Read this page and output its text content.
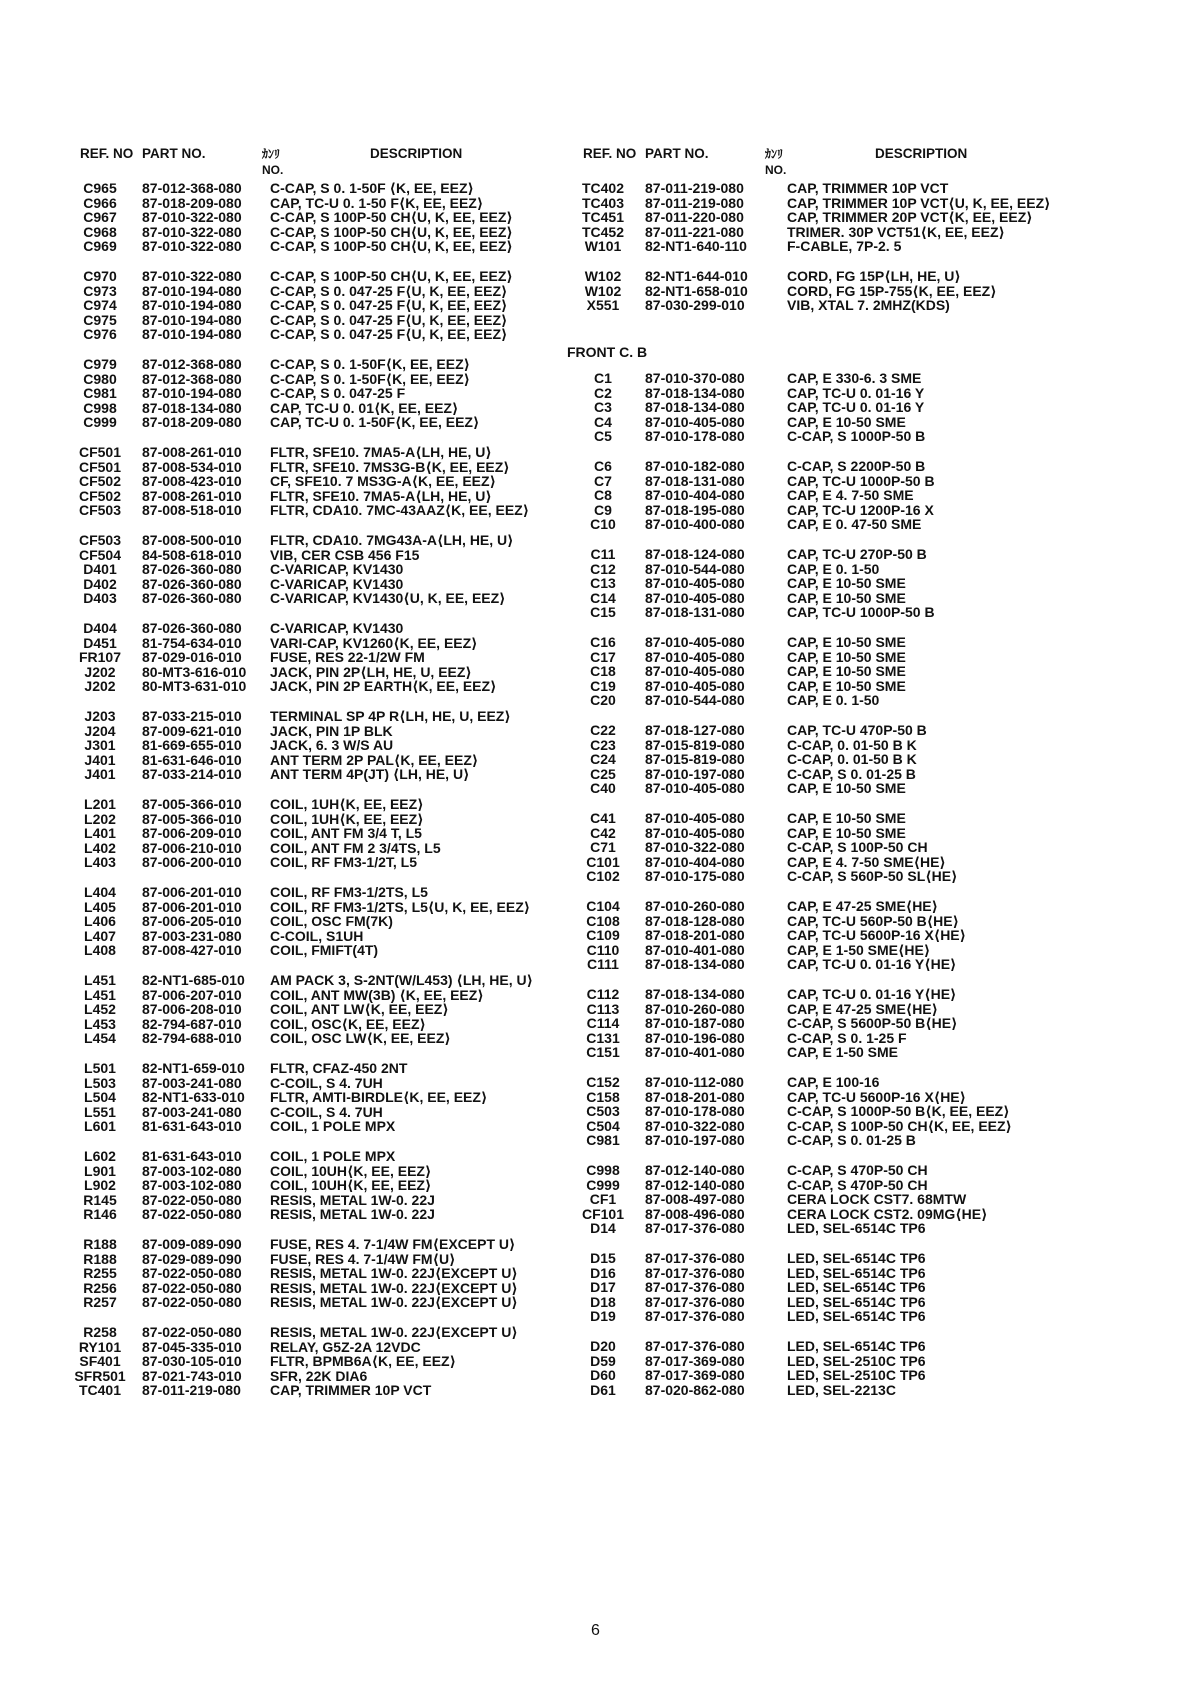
REF. NO PART NO.	ｶﾝﾘ
NO.
DESCRIPTION
C965	87-012-368-080 C-CAP, S 0. 1-50F ⟨K, EE, EEZ⟩
C966	87-018-209-080 CAP, TC-U 0. 1-50 F⟨K, EE, EEZ⟩
C967	87-010-322-080 C-CAP, S 100P-50 CH⟨U, K, EE, EEZ⟩
C968	87-010-322-080 C-CAP, S 100P-50 CH⟨U, K, EE, EEZ⟩
C969	87-010-322-080 C-CAP, S 100P-50 CH⟨U, K, EE, EEZ⟩
C970	87-010-322-080 C-CAP, S 100P-50 CH⟨U, K, EE, EEZ⟩
C973	87-010-194-080 C-CAP, S 0. 047-25 F⟨U, K, EE, EEZ⟩
C974	87-010-194-080 C-CAP, S 0. 047-25 F⟨U, K, EE, EEZ⟩
C975	87-010-194-080 C-CAP, S 0. 047-25 F⟨U, K, EE, EEZ⟩
C976	87-010-194-080 C-CAP, S 0. 047-25 F⟨U, K, EE, EEZ⟩
C979	87-012-368-080 C-CAP, S 0. 1-50F⟨K, EE, EEZ⟩
C980	87-012-368-080 C-CAP, S 0. 1-50F⟨K, EE, EEZ⟩
C981	87-010-194-080 C-CAP, S 0. 047-25 F
C998	87-018-134-080 CAP, TC-U 0. 01⟨K, EE, EEZ⟩
C999	87-018-209-080 CAP, TC-U 0. 1-50F⟨K, EE, EEZ⟩
CF501	87-008-261-010 FLTR, SFE10. 7MA5-A⟨LH, HE, U⟩
CF501	87-008-534-010 FLTR, SFE10. 7MS3G-B⟨K, EE, EEZ⟩
CF502	87-008-423-010 CF, SFE10. 7 MS3G-A⟨K, EE, EEZ⟩
CF502	87-008-261-010 FLTR, SFE10. 7MA5-A⟨LH, HE, U⟩
CF503	87-008-518-010 FLTR, CDA10. 7MC-43AAZ⟨K, EE, EEZ⟩
CF503	87-008-500-010 FLTR, CDA10. 7MG43A-A⟨LH, HE, U⟩
CF504	84-508-618-010 VIB, CER CSB 456 F15
D401	87-026-360-080 C-VARICAP, KV1430
D402	87-026-360-080 C-VARICAP, KV1430
D403	87-026-360-080 C-VARICAP, KV1430⟨U, K, EE, EEZ⟩
D404	87-026-360-080 C-VARICAP, KV1430
D451	81-754-634-010 VARI-CAP, KV1260⟨K, EE, EEZ⟩
FR107	87-029-016-010 FUSE, RES 22-1/2W FM
J202	80-MT3-616-010 JACK, PIN 2P⟨LH, HE, U, EEZ⟩
J202	80-MT3-631-010 JACK, PIN 2P EARTH⟨K, EE, EEZ⟩
J203	87-033-215-010 TERMINAL SP 4P R⟨LH, HE, U, EEZ⟩
J204	87-009-621-010 JACK, PIN 1P BLK
J301	81-669-655-010 JACK, 6. 3 W/S AU
J401	81-631-646-010 ANT TERM 2P PAL⟨K, EE, EEZ⟩
J401	87-033-214-010 ANT TERM 4P(JT) ⟨LH, HE, U⟩
L201	87-005-366-010 COIL, 1UH⟨K, EE, EEZ⟩
L202	87-005-366-010 COIL, 1UH⟨K, EE, EEZ⟩
L401	87-006-209-010 COIL, ANT FM 3/4 T, L5
L402	87-006-210-010 COIL, ANT FM 2 3/4TS, L5
L403	87-006-200-010 COIL, RF FM3-1/2T, L5
L404	87-006-201-010 COIL, RF FM3-1/2TS, L5
L405	87-006-201-010 COIL, RF FM3-1/2TS, L5⟨U, K, EE, EEZ⟩
L406	87-006-205-010 COIL, OSC FM(7K)
L407	87-003-231-080 C-COIL, S1UH
L408	87-008-427-010 COIL, FMIFT(4T)
L451	82-NT1-685-010 AM PACK 3, S-2NT(W/L453) ⟨LH, HE, U⟩
L451	87-006-207-010 COIL, ANT MW(3B) ⟨K, EE, EEZ⟩
L452	87-006-208-010 COIL, ANT LW⟨K, EE, EEZ⟩
L453	82-794-687-010 COIL, OSC⟨K, EE, EEZ⟩
L454	82-794-688-010 COIL, OSC LW⟨K, EE, EEZ⟩
L501	82-NT1-659-010 FLTR, CFAZ-450 2NT
L503	87-003-241-080 C-COIL, S 4. 7UH
L504	82-NT1-633-010 FLTR, AMTI-BIRDLE⟨K, EE, EEZ⟩
L551	87-003-241-080 C-COIL, S 4. 7UH
L601	81-631-643-010 COIL, 1 POLE MPX
L602	81-631-643-010 COIL, 1 POLE MPX
L901	87-003-102-080 COIL, 10UH⟨K, EE, EEZ⟩
L902	87-003-102-080 COIL, 10UH⟨K, EE, EEZ⟩
R145	87-022-050-080 RESIS, METAL 1W-0. 22J
R146	87-022-050-080 RESIS, METAL 1W-0. 22J
R188	87-009-089-090 FUSE, RES 4. 7-1/4W FM⟨EXCEPT U⟩
R188	87-029-089-090 FUSE, RES 4. 7-1/4W FM⟨U⟩
R255	87-022-050-080 RESIS, METAL 1W-0. 22J⟨EXCEPT U⟩
R256	87-022-050-080 RESIS, METAL 1W-0. 22J⟨EXCEPT U⟩
R257	87-022-050-080 RESIS, METAL 1W-0. 22J⟨EXCEPT U⟩
R258	87-022-050-080 RESIS, METAL 1W-0. 22J⟨EXCEPT U⟩
RY101	87-045-335-010 RELAY, G5Z-2A 12VDC
SF401	87-030-105-010 FLTR, BPMB6A⟨K, EE, EEZ⟩
SFR501	87-021-743-010 SFR, 22K DIA6
TC401	87-011-219-080 CAP, TRIMMER 10P VCT
REF. NO PART NO.	ｶﾝﾘ
NO.
DESCRIPTION
FRONT C. B
TC402	87-011-219-080	CAP, TRIMMER 10P VCT
TC403	87-011-219-080	CAP, TRIMMER 10P VCT⟨U, K, EE, EEZ⟩
TC451	87-011-220-080	CAP, TRIMMER 20P VCT⟨K, EE, EEZ⟩
TC452	87-011-221-080	TRIMER. 30P VCT51⟨K, EE, EEZ⟩
W101	82-NT1-640-110	F-CABLE, 7P-2. 5
W102	82-NT1-644-010	CORD, FG 15P⟨LH, HE, U⟩
W102	82-NT1-658-010	CORD, FG 15P-755⟨K, EE, EEZ⟩
X551	87-030-299-010	VIB, XTAL 7. 2MHZ(KDS)
C1	87-010-370-080	CAP, E 330-6. 3 SME
C2	87-018-134-080	CAP, TC-U 0. 01-16 Y
C3	87-018-134-080	CAP, TC-U 0. 01-16 Y
C4	87-010-405-080	CAP, E 10-50 SME
C5	87-010-178-080	C-CAP, S 1000P-50 B
C6	87-010-182-080	C-CAP, S 2200P-50 B
C7	87-018-131-080	CAP, TC-U 1000P-50 B
C8	87-010-404-080	CAP, E 4. 7-50 SME
C9	87-018-195-080	CAP, TC-U 1200P-16 X
C10	87-010-400-080	CAP, E 0. 47-50 SME
C11	87-018-124-080	CAP, TC-U 270P-50 B
C12	87-010-544-080	CAP, E 0. 1-50
C13	87-010-405-080	CAP, E 10-50 SME
C14	87-010-405-080	CAP, E 10-50 SME
C15	87-018-131-080	CAP, TC-U 1000P-50 B
C16	87-010-405-080	CAP, E 10-50 SME
C17	87-010-405-080	CAP, E 10-50 SME
C18	87-010-405-080	CAP, E 10-50 SME
C19	87-010-405-080	CAP, E 10-50 SME
C20	87-010-544-080	CAP, E 0. 1-50
C22	87-018-127-080	CAP, TC-U 470P-50 B
C23	87-015-819-080	C-CAP, 0. 01-50 B K
C24	87-015-819-080	C-CAP, 0. 01-50 B K
C25	87-010-197-080	C-CAP, S 0. 01-25 B
C40	87-010-405-080	CAP, E 10-50 SME
C41	87-010-405-080	CAP, E 10-50 SME
C42	87-010-405-080	CAP, E 10-50 SME
C71	87-010-322-080	C-CAP, S 100P-50 CH
C101	87-010-404-080	CAP, E 4. 7-50 SME⟨HE⟩
C102	87-010-175-080	C-CAP, S 560P-50 SL⟨HE⟩
C104	87-010-260-080	CAP, E 47-25 SME⟨HE⟩
C108	87-018-128-080	CAP, TC-U 560P-50 B⟨HE⟩
C109	87-018-201-080	CAP, TC-U 5600P-16 X⟨HE⟩
C110	87-010-401-080	CAP, E 1-50 SME⟨HE⟩
C111	87-018-134-080	CAP, TC-U 0. 01-16 Y⟨HE⟩
C112	87-018-134-080	CAP, TC-U 0. 01-16 Y⟨HE⟩
C113	87-010-260-080	CAP, E 47-25 SME⟨HE⟩
C114	87-010-187-080	C-CAP, S 5600P-50 B⟨HE⟩
C131	87-010-196-080	C-CAP, S 0. 1-25 F
C151	87-010-401-080	CAP, E 1-50 SME
C152	87-010-112-080	CAP, E 100-16
C158	87-018-201-080	CAP, TC-U 5600P-16 X⟨HE⟩
C503	87-010-178-080	C-CAP, S 1000P-50 B⟨K, EE, EEZ⟩
C504	87-010-322-080	C-CAP, S 100P-50 CH⟨K, EE, EEZ⟩
C981	87-010-197-080	C-CAP, S 0. 01-25 B
C998	87-012-140-080	C-CAP, S 470P-50 CH
C999	87-012-140-080	C-CAP, S 470P-50 CH
CF1	87-008-497-080	CERA LOCK CST7. 68MTW
CF101	87-008-496-080	CERA LOCK CST2. 09MG⟨HE⟩
D14	87-017-376-080	LED, SEL-6514C TP6
D15	87-017-376-080	LED, SEL-6514C TP6
D16	87-017-376-080	LED, SEL-6514C TP6
D17	87-017-376-080	LED, SEL-6514C TP6
D18	87-017-376-080	LED, SEL-6514C TP6
D19	87-017-376-080	LED, SEL-6514C TP6
D20	87-017-376-080	LED, SEL-6514C TP6
D59	87-017-369-080	LED, SEL-2510C TP6
D60	87-017-369-080	LED, SEL-2510C TP6
D61	87-020-862-080	LED, SEL-2213C
6
